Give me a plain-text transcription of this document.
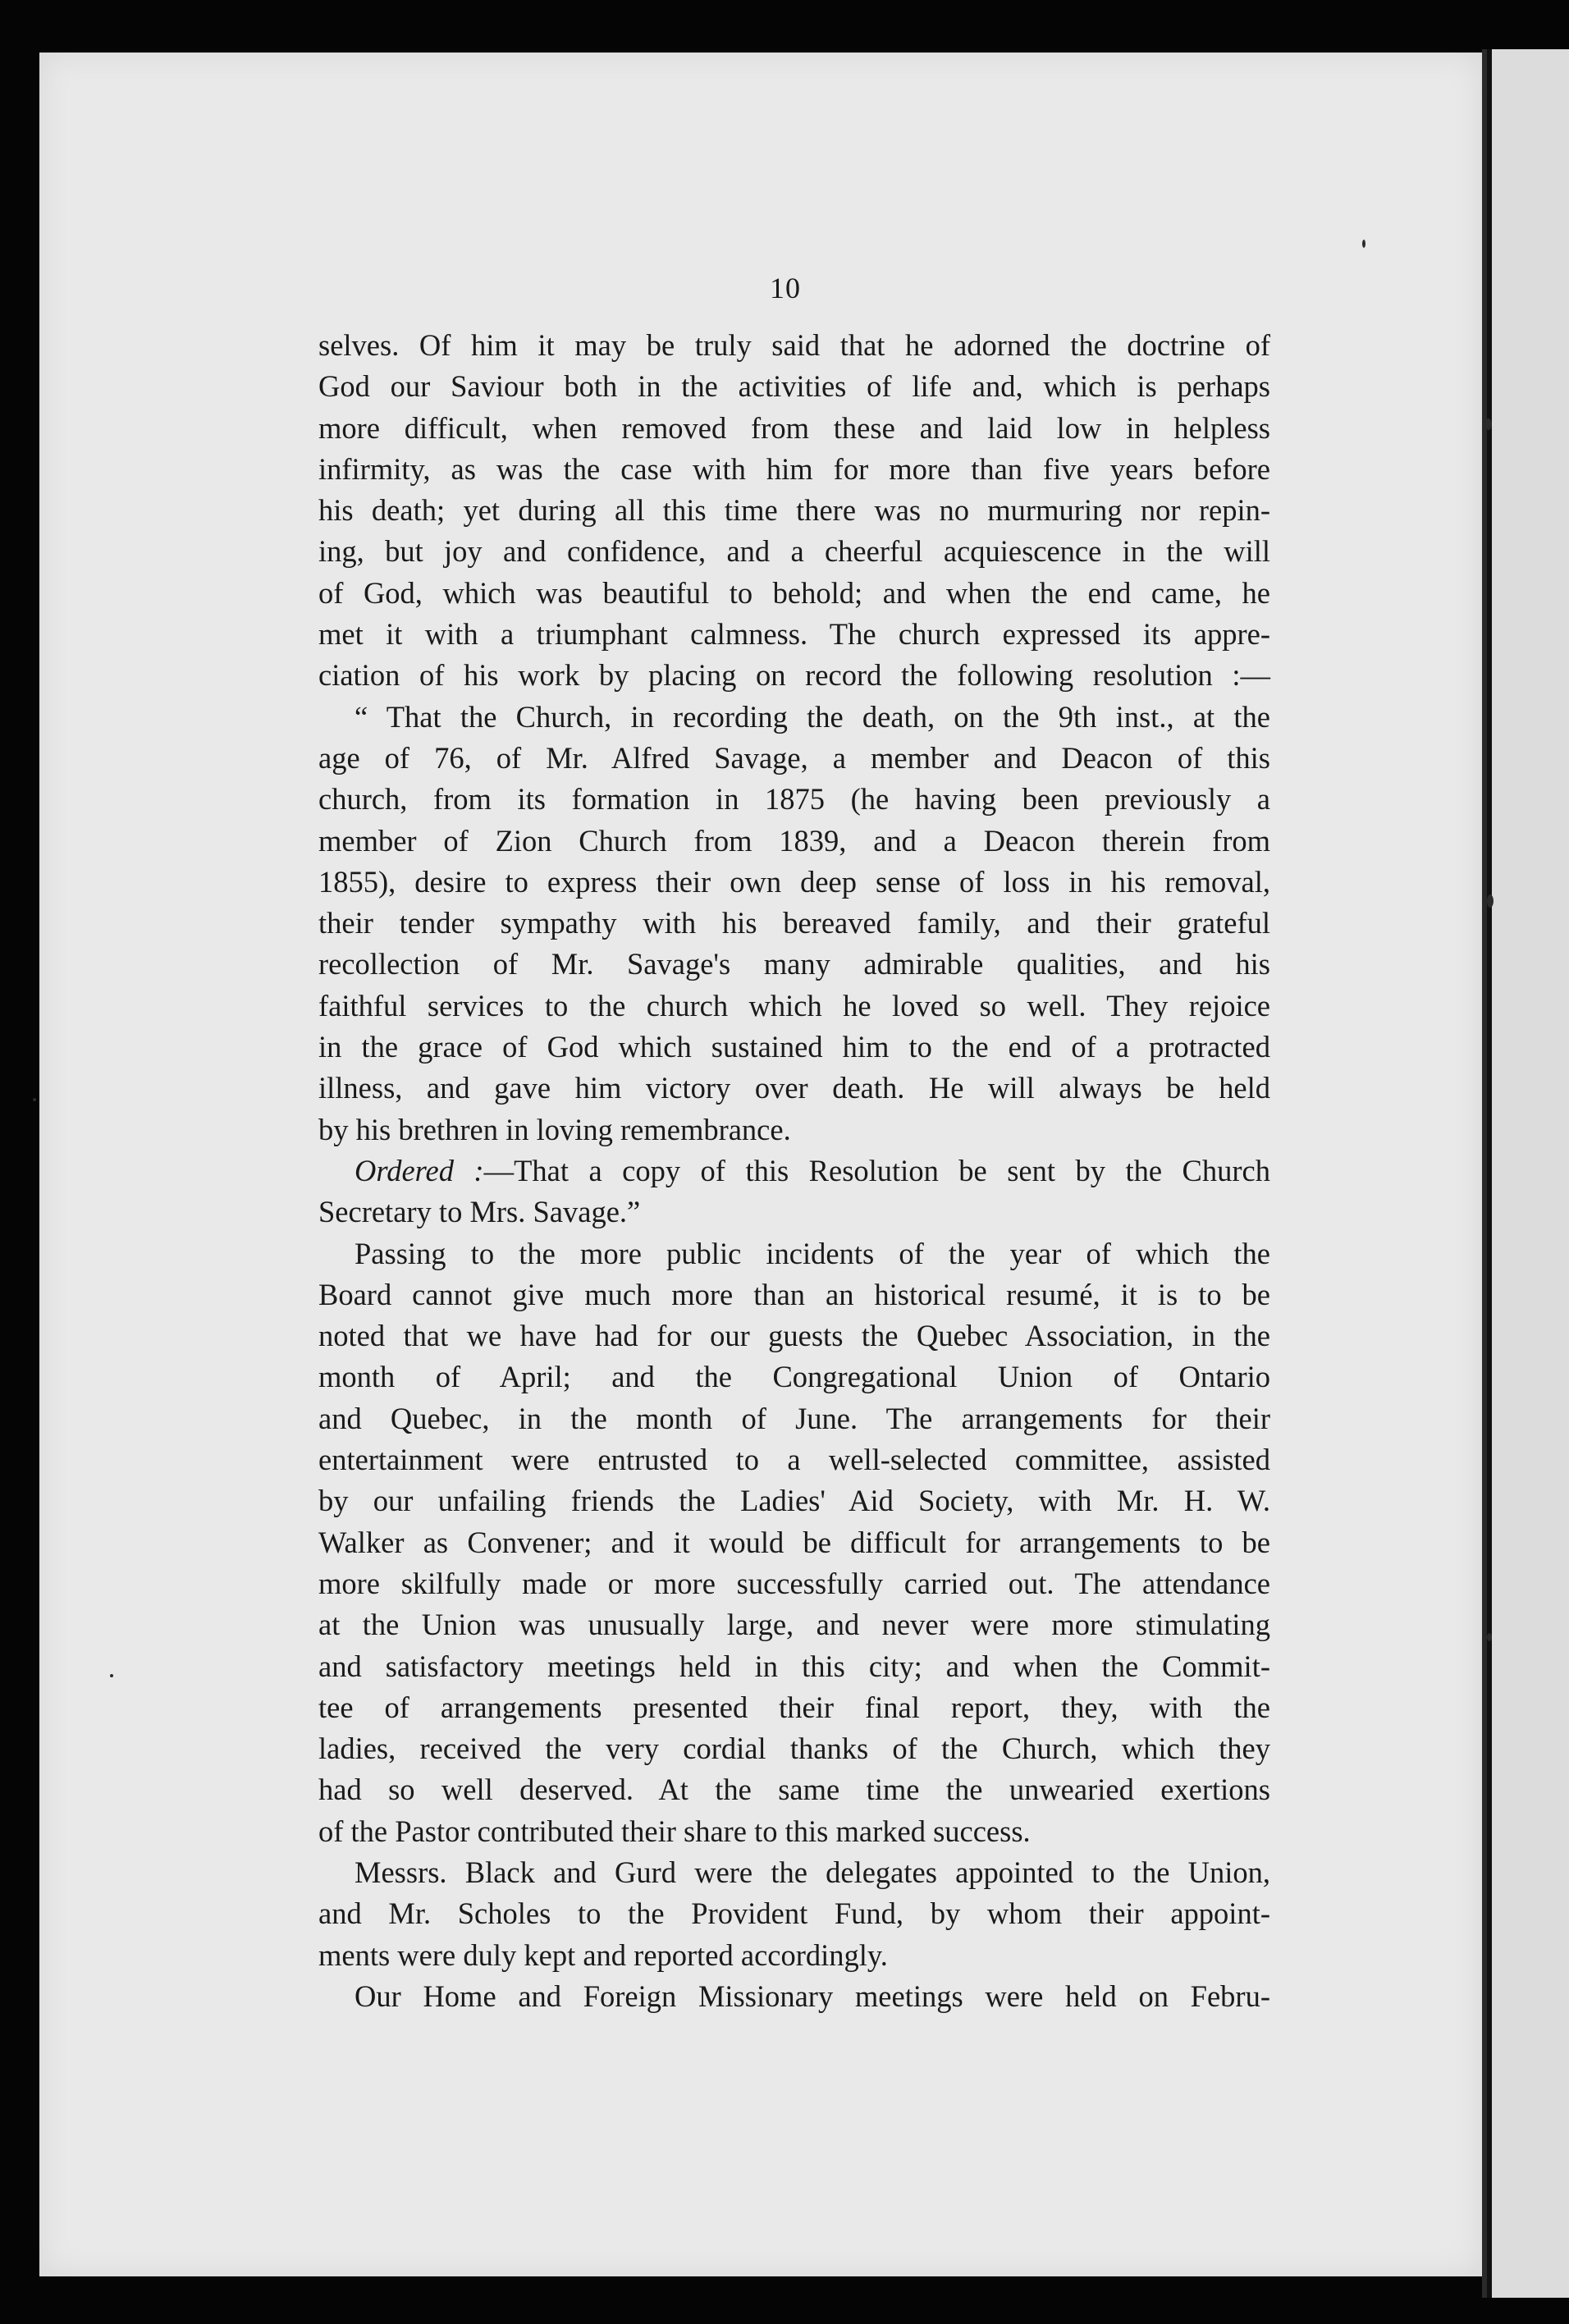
10
selves. Of him it may be truly said that he adorned the doctrine of
God our Saviour both in the activities of life and, which is perhaps
more difficult, when removed from these and laid low in helpless
infirmity, as was the case with him for more than five years before
his death; yet during all this time there was no murmuring nor repin-
ing, but joy and confidence, and a cheerful acquiescence in the will
of God, which was beautiful to behold; and when the end came, he
met it with a triumphant calmness. The church expressed its appre-
ciation of his work by placing on record the following resolution :—
“ That the Church, in recording the death, on the 9th inst., at the
age of 76, of Mr. Alfred Savage, a member and Deacon of this
church, from its formation in 1875 (he having been previously a
member of Zion Church from 1839, and a Deacon therein from
1855), desire to express their own deep sense of loss in his removal,
their tender sympathy with his bereaved family, and their grateful
recollection of Mr. Savage's many admirable qualities, and his
faithful services to the church which he loved so well. They rejoice
in the grace of God which sustained him to the end of a protracted
illness, and gave him victory over death. He will always be held
by his brethren in loving remembrance.
Ordered :—That a copy of this Resolution be sent by the Church
Secretary to Mrs. Savage.”
Passing to the more public incidents of the year of which the
Board cannot give much more than an historical resumé, it is to be
noted that we have had for our guests the Quebec Association, in the
month of April; and the Congregational Union of Ontario
and Quebec, in the month of June. The arrangements for their
entertainment were entrusted to a well-selected committee, assisted
by our unfailing friends the Ladies' Aid Society, with Mr. H. W.
Walker as Convener; and it would be difficult for arrangements to be
more skilfully made or more successfully carried out. The attendance
at the Union was unusually large, and never were more stimulating
and satisfactory meetings held in this city; and when the Commit-
tee of arrangements presented their final report, they, with the
ladies, received the very cordial thanks of the Church, which they
had so well deserved. At the same time the unwearied exertions
of the Pastor contributed their share to this marked success.
Messrs. Black and Gurd were the delegates appointed to the Union,
and Mr. Scholes to the Provident Fund, by whom their appoint-
ments were duly kept and reported accordingly.
Our Home and Foreign Missionary meetings were held on Febru-
